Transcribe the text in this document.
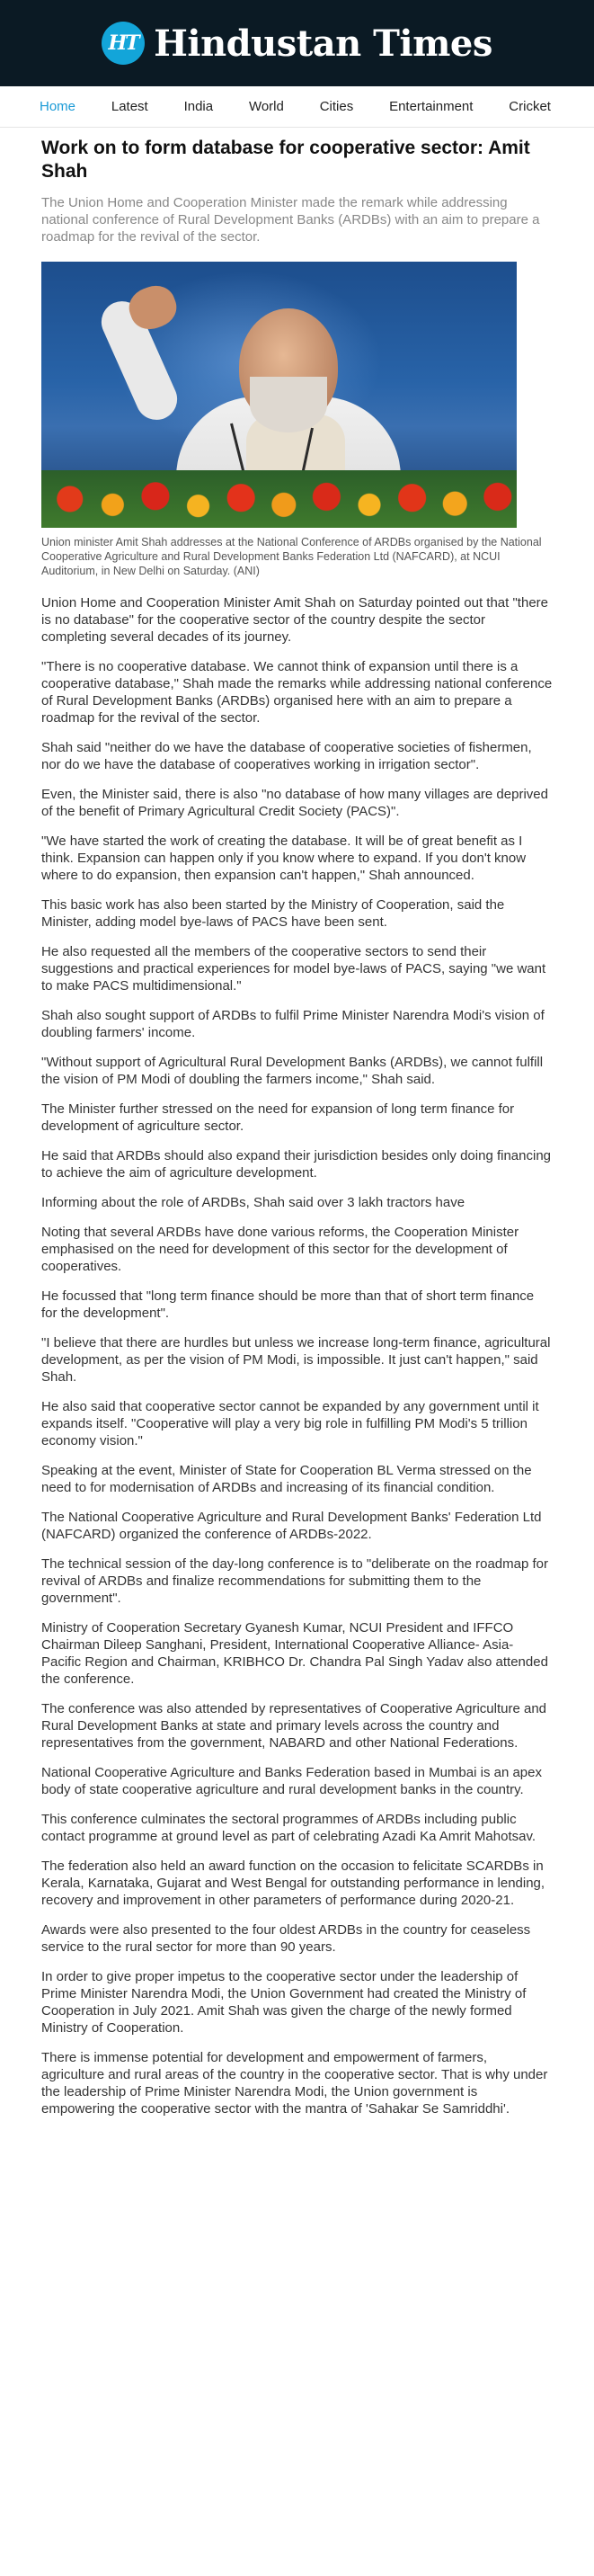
HT Hindustan Times
Home	Latest	India	World	Cities	Entertainment	Cricket
Work on to form database for cooperative sector: Amit Shah

The Union Home and Cooperation Minister made the remark while addressing national conference of Rural Development Banks (ARDBs) with an aim to prepare a roadmap for the revival of the sector.

Union minister Amit Shah addresses at the National Conference of ARDBs organised by the National Cooperative Agriculture and Rural Development Banks Federation Ltd (NAFCARD), at NCUI Auditorium, in New Delhi on Saturday. (ANI)

Union Home and Cooperation Minister Amit Shah on Saturday pointed out that "there is no database" for the cooperative sector of the country despite the sector completing several decades of its journey.

"There is no cooperative database. We cannot think of expansion until there is a cooperative database," Shah made the remarks while addressing national conference of Rural Development Banks (ARDBs) organised here with an aim to prepare a roadmap for the revival of the sector.

Shah said "neither do we have the database of cooperative societies of fishermen, nor do we have the database of cooperatives working in irrigation sector".

Even, the Minister said, there is also "no database of how many villages are deprived of the benefit of Primary Agricultural Credit Society (PACS)".

"We have started the work of creating the database. It will be of great benefit as I think. Expansion can happen only if you know where to expand. If you don't know where to do expansion, then expansion can't happen," Shah announced.

This basic work has also been started by the Ministry of Cooperation, said the Minister, adding model bye-laws of PACS have been sent.

He also requested all the members of the cooperative sectors to send their suggestions and practical experiences for model bye-laws of PACS, saying "we want to make PACS multidimensional."

Shah also sought support of ARDBs to fulfil Prime Minister Narendra Modi's vision of doubling farmers' income.

"Without support of Agricultural Rural Development Banks (ARDBs), we cannot fulfill the vision of PM Modi of doubling the farmers income," Shah said.

The Minister further stressed on the need for expansion of long term finance for development of agriculture sector.

He said that ARDBs should also expand their jurisdiction besides only doing financing to achieve the aim of agriculture development.

Informing about the role of ARDBs, Shah said over 3 lakh tractors have

Noting that several ARDBs have done various reforms, the Cooperation Minister emphasised on the need for development of this sector for the development of cooperatives.

He focussed that "long term finance should be more than that of short term finance for the development".

"I believe that there are hurdles but unless we increase long-term finance, agricultural development, as per the vision of PM Modi, is impossible. It just can't happen," said Shah.

He also said that cooperative sector cannot be expanded by any government until it expands itself. "Cooperative will play a very big role in fulfilling PM Modi's 5 trillion economy vision."

Speaking at the event, Minister of State for Cooperation BL Verma stressed on the need to for modernisation of ARDBs and increasing of its financial condition.

The National Cooperative Agriculture and Rural Development Banks' Federation Ltd (NAFCARD) organized the conference of ARDBs-2022.

The technical session of the day-long conference is to "deliberate on the roadmap for revival of ARDBs and finalize recommendations for submitting them to the government".

Ministry of Cooperation Secretary Gyanesh Kumar, NCUI President and IFFCO Chairman Dileep Sanghani, President, International Cooperative Alliance- Asia-Pacific Region and Chairman, KRIBHCO Dr. Chandra Pal Singh Yadav also attended the conference.

The conference was also attended by representatives of Cooperative Agriculture and Rural Development Banks at state and primary levels across the country and representatives from the government, NABARD and other National Federations.

National Cooperative Agriculture and Banks Federation based in Mumbai is an apex body of state cooperative agriculture and rural development banks in the country.

This conference culminates the sectoral programmes of ARDBs including public contact programme at ground level as part of celebrating Azadi Ka Amrit Mahotsav.

The federation also held an award function on the occasion to felicitate SCARDBs in Kerala, Karnataka, Gujarat and West Bengal for outstanding performance in lending, recovery and improvement in other parameters of performance during 2020-21.

Awards were also presented to the four oldest ARDBs in the country for ceaseless service to the rural sector for more than 90 years.

In order to give proper impetus to the cooperative sector under the leadership of Prime Minister Narendra Modi, the Union Government had created the Ministry of Cooperation in July 2021. Amit Shah was given the charge of the newly formed Ministry of Cooperation.

There is immense potential for development and empowerment of farmers, agriculture and rural areas of the country in the cooperative sector. That is why under the leadership of Prime Minister Narendra Modi, the Union government is empowering the cooperative sector with the mantra of 'Sahakar Se Samriddhi'.
